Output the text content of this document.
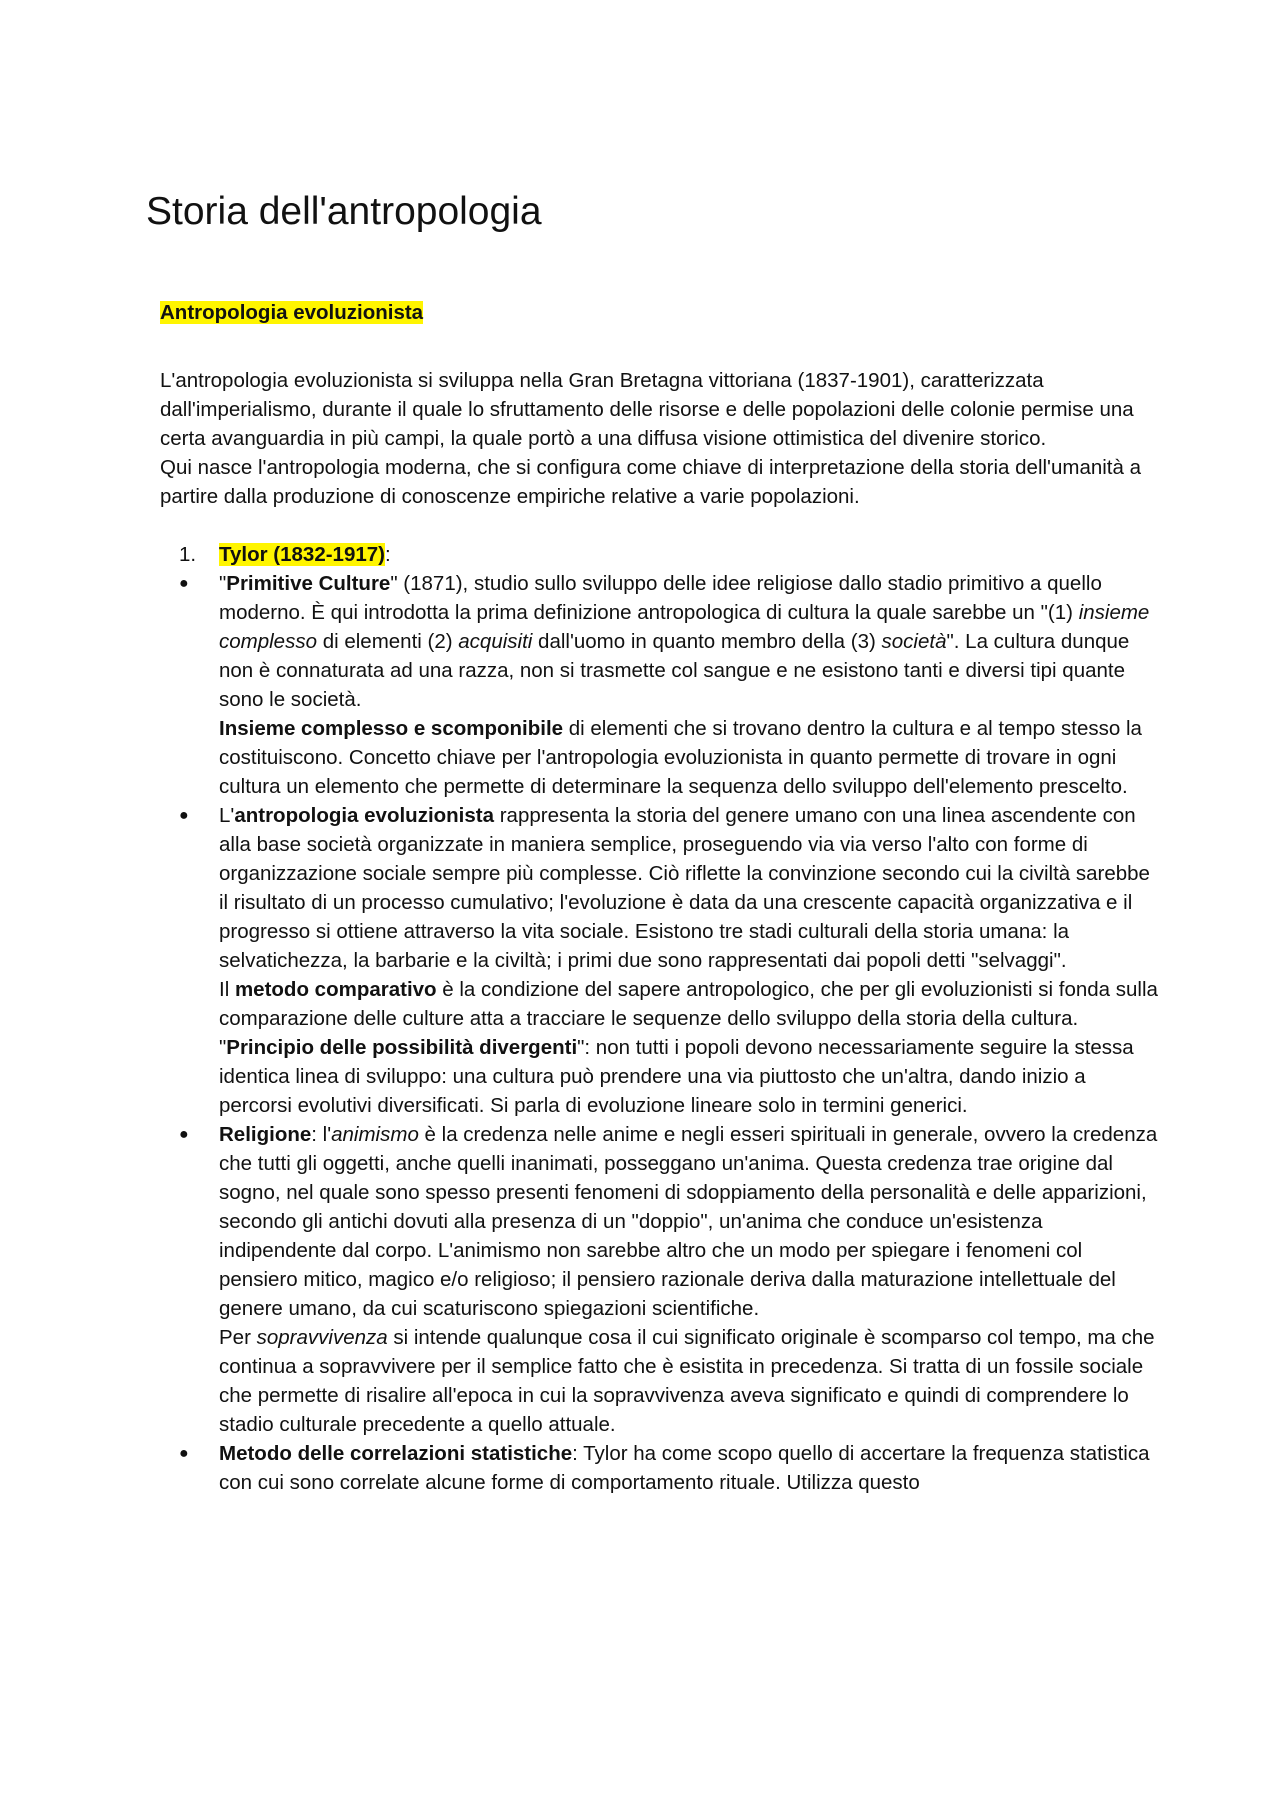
Storia dell'antropologia
Antropologia evoluzionista

L'antropologia evoluzionista si sviluppa nella Gran Bretagna vittoriana (1837-1901), caratterizzata dall'imperialismo, durante il quale lo sfruttamento delle risorse e delle popolazioni delle colonie permise una certa avanguardia in più campi, la quale portò a una diffusa visione ottimistica del divenire storico.

Qui nasce l'antropologia moderna, che si configura come chiave di interpretazione della storia dell'umanità a partire dalla produzione di conoscenze empiriche relative a varie popolazioni.

1. Tylor (1832-1917):
● "Primitive Culture" (1871), studio sullo sviluppo delle idee religiose dallo stadio primitivo a quello moderno. È qui introdotta la prima definizione antropologica di cultura la quale sarebbe un "(1) insieme complesso di elementi (2) acquisiti dall'uomo in quanto membro della (3) società". La cultura dunque non è connaturata ad una razza, non si trasmette col sangue e ne esistono tanti e diversi tipi quante sono le società.

Insieme complesso e scomponibile di elementi che si trovano dentro la cultura e al tempo stesso la costituiscono. Concetto chiave per l'antropologia evoluzionista in quanto permette di trovare in ogni cultura un elemento che permette di determinare la sequenza dello sviluppo dell'elemento prescelto.

● L'antropologia evoluzionista rappresenta la storia del genere umano con una linea ascendente con alla base società organizzate in maniera semplice, proseguendo via via verso l'alto con forme di organizzazione sociale sempre più complesse. Ciò riflette la convinzione secondo cui la civiltà sarebbe il risultato di un processo cumulativo; l'evoluzione è data da una crescente capacità organizzativa e il progresso si ottiene attraverso la vita sociale. Esistono tre stadi culturali della storia umana: la selvatichezza, la barbarie e la civiltà; i primi due sono rappresentati dai popoli detti "selvaggi".

Il metodo comparativo è la condizione del sapere antropologico, che per gli evoluzionisti si fonda sulla comparazione delle culture atta a tracciare le sequenze dello sviluppo della storia della cultura.

"Principio delle possibilità divergenti": non tutti i popoli devono necessariamente seguire la stessa identica linea di sviluppo: una cultura può prendere una via piuttosto che un'altra, dando inizio a percorsi evolutivi diversificati. Si parla di evoluzione lineare solo in termini generici.

● Religione: l'animismo è la credenza nelle anime e negli esseri spirituali in generale, ovvero la credenza che tutti gli oggetti, anche quelli inanimati, posseggano un'anima. Questa credenza trae origine dal sogno, nel quale sono spesso presenti fenomeni di sdoppiamento della personalità e delle apparizioni, secondo gli antichi dovuti alla presenza di un "doppio", un'anima che conduce un'esistenza indipendente dal corpo. L'animismo non sarebbe altro che un modo per spiegare i fenomeni col pensiero mitico, magico e/o religioso; il pensiero razionale deriva dalla maturazione intellettuale del genere umano, da cui scaturiscono spiegazioni scientifiche.

Per sopravvivenza si intende qualunque cosa il cui significato originale è scomparso col tempo, ma che continua a sopravvivere per il semplice fatto che è esistita in precedenza. Si tratta di un fossile sociale che permette di risalire all'epoca in cui la sopravvivenza aveva significato e quindi di comprendere lo stadio culturale precedente a quello attuale.

● Metodo delle correlazioni statistiche: Tylor ha come scopo quello di accertare la frequenza statistica con cui sono correlate alcune forme di comportamento rituale. Utilizza questo
